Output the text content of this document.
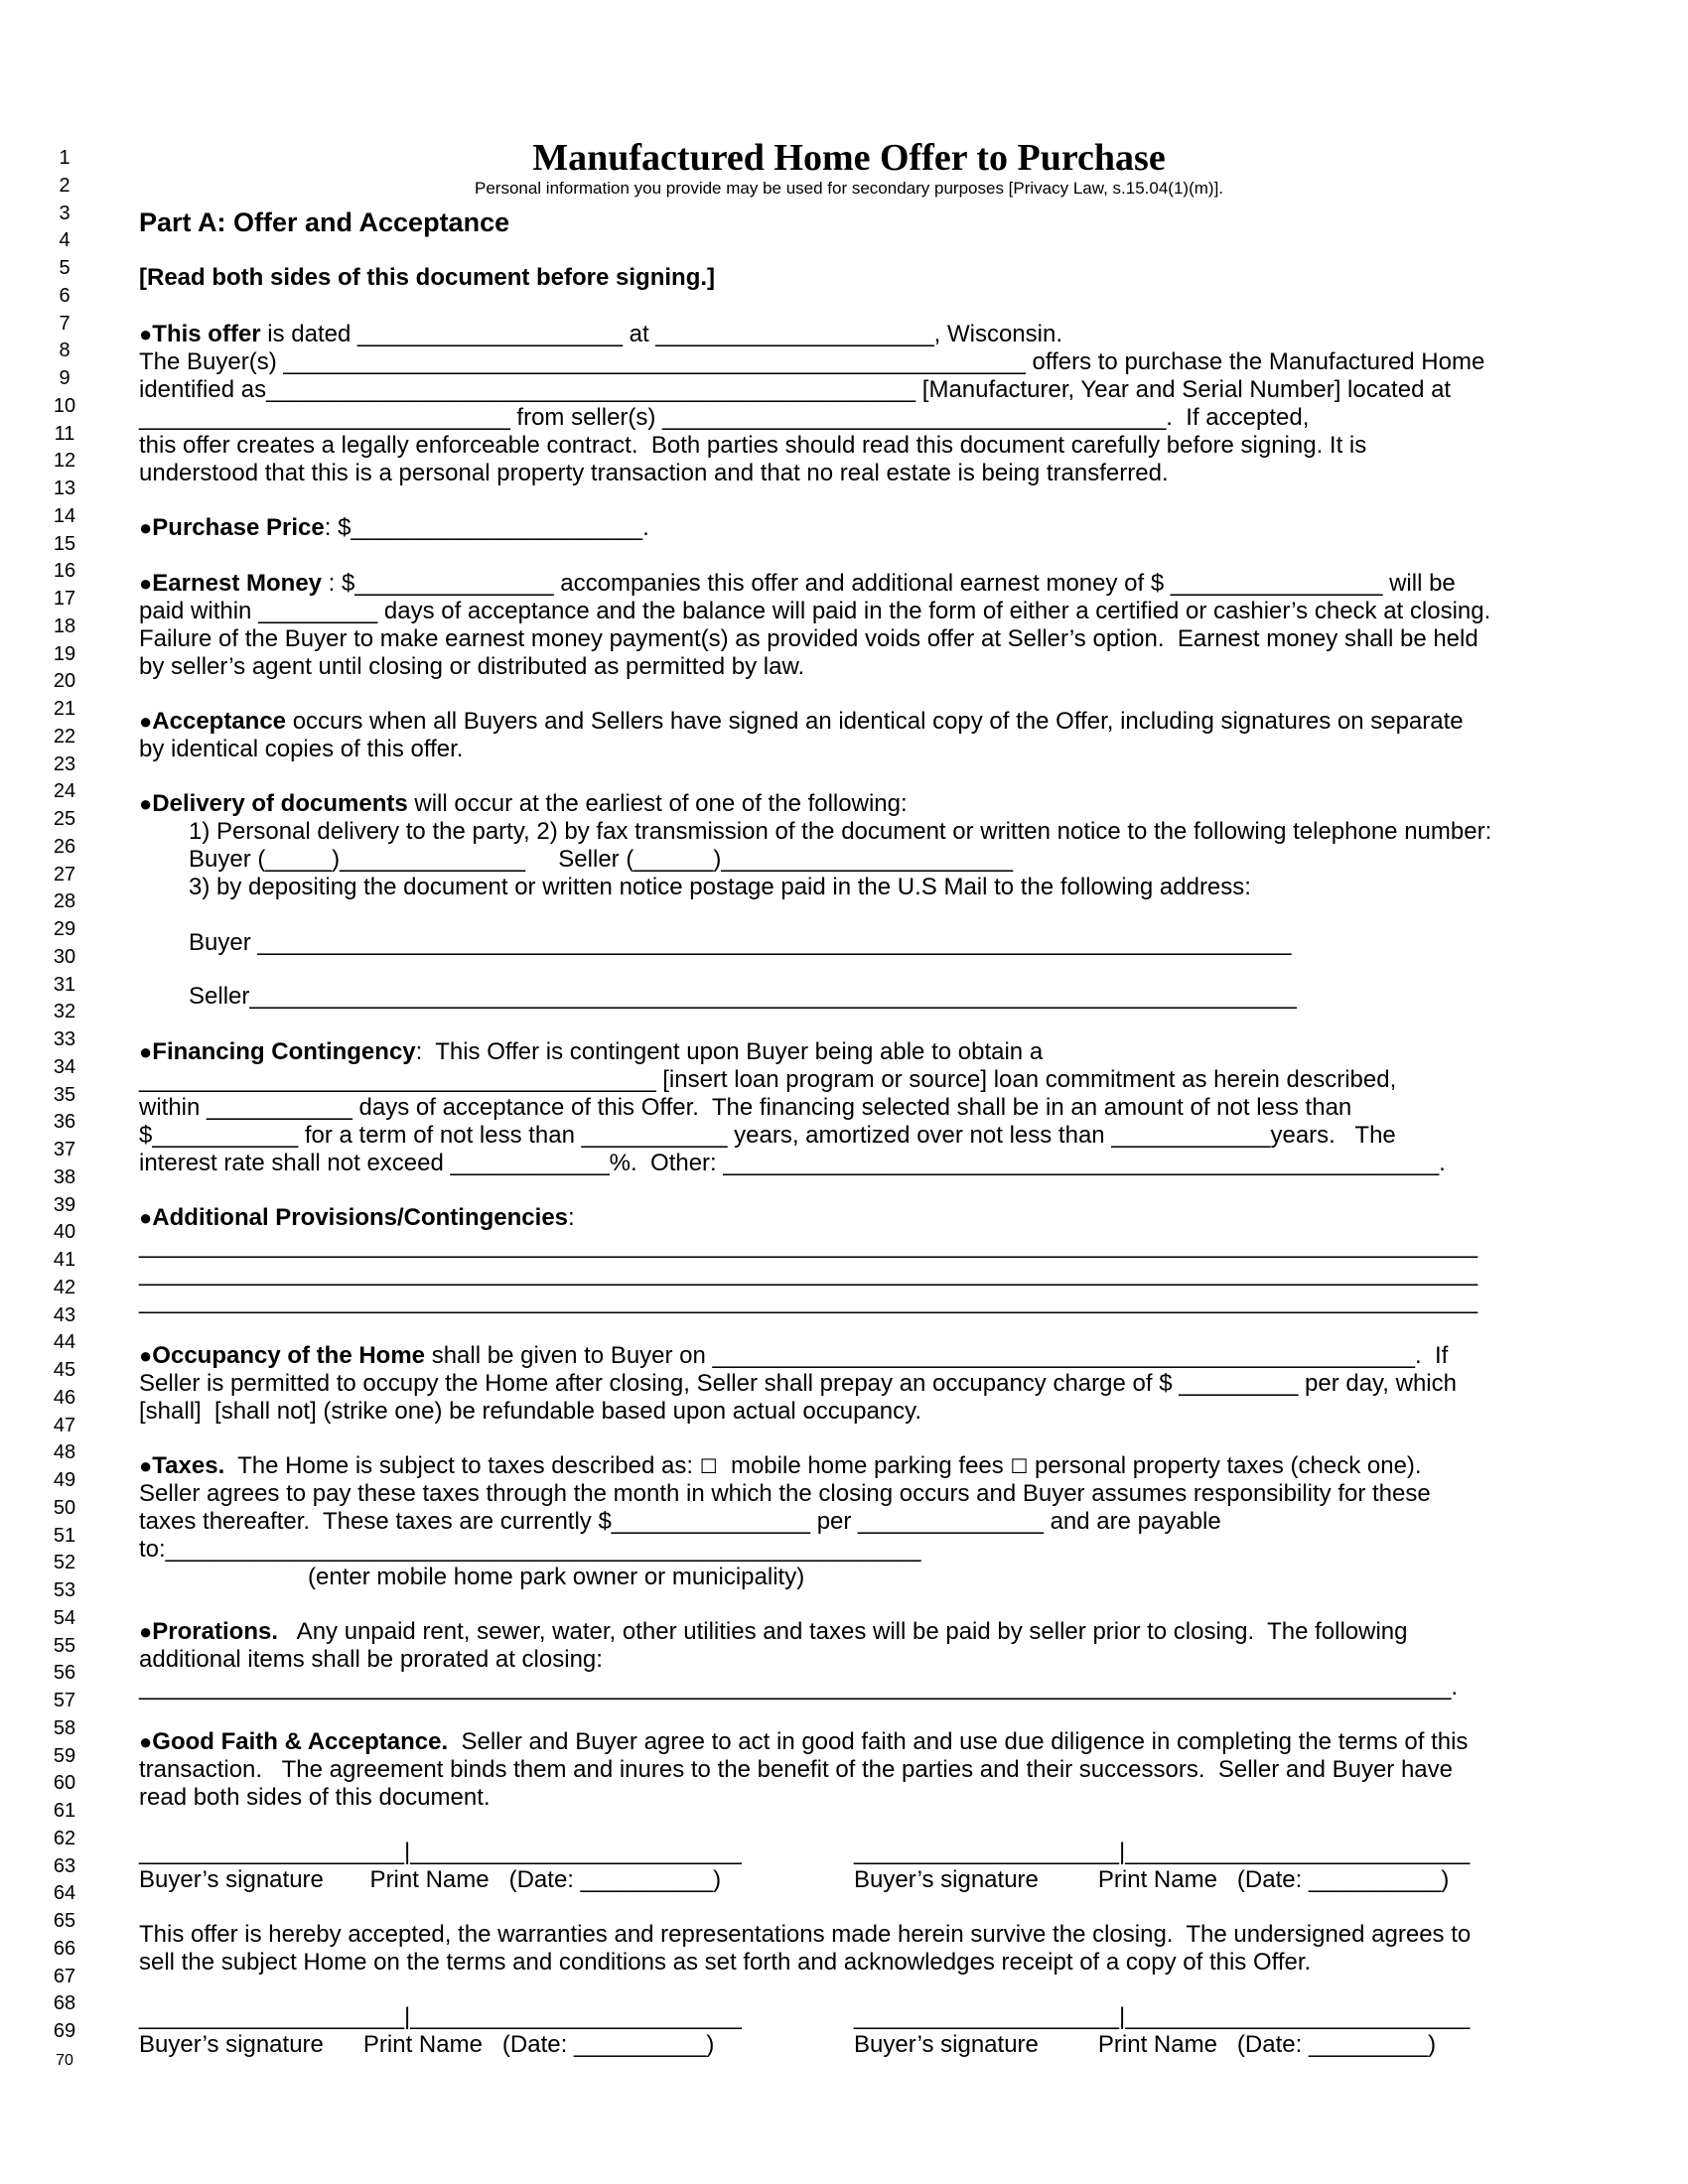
1
2
3
4
5
6
7
8
9
10
11
12
13
14
15
16
17
18
19
20
21
22
23
24
25
26
27
28
29
30
31
32
33
34
35
36
37
38
39
40
41
42
43
44
45
46
47
48
49
50
51
52
53
54
55
56
57
58
59
60
61
62
63
64
65
66
67
68
69
70
Manufactured Home Offer to Purchase
Personal information you provide may be used for secondary purposes [Privacy Law, s.15.04(1)(m)].
Part A: Offer and Acceptance
[Read both sides of this document before signing.]
●This offer is dated ____________________ at _____________________, Wisconsin.
The Buyer(s) ________________________________________________________ offers to purchase the Manufactured Home
identified as_________________________________________________ [Manufacturer, Year and Serial Number] located at
____________________________ from seller(s) ______________________________________.  If accepted,
this offer creates a legally enforceable contract.  Both parties should read this document carefully before signing. It is
understood that this is a personal property transaction and that no real estate is being transferred.
●Purchase Price: $______________________.
●Earnest Money : $_______________ accompanies this offer and additional earnest money of $ ________________ will be
paid within _________ days of acceptance and the balance will paid in the form of either a certified or cashier’s check at closing.
Failure of the Buyer to make earnest money payment(s) as provided voids offer at Seller’s option.  Earnest money shall be held
by seller’s agent until closing or distributed as permitted by law.
●Acceptance occurs when all Buyers and Sellers have signed an identical copy of the Offer, including signatures on separate
by identical copies of this offer.
●Delivery of documents will occur at the earliest of one of the following:
1) Personal delivery to the party, 2) by fax transmission of the document or written notice to the following telephone number:
Buyer (_____)______________     Seller (______)______________________
3) by depositing the document or written notice postage paid in the U.S Mail to the following address:
Buyer ______________________________________________________________________________
Seller_______________________________________________________________________________
●Financing Contingency:  This Offer is contingent upon Buyer being able to obtain a
_______________________________________ [insert loan program or source] loan commitment as herein described,
within ___________ days of acceptance of this Offer.  The financing selected shall be in an amount of not less than
$___________ for a term of not less than ___________ years, amortized over not less than ____________years.   The
interest rate shall not exceed ____________%.  Other: ______________________________________________________.
●Additional Provisions/Contingencies:
_____________________________________________________________________________________________________
_____________________________________________________________________________________________________
_____________________________________________________________________________________________________
●Occupancy of the Home shall be given to Buyer on _____________________________________________________.  If
Seller is permitted to occupy the Home after closing, Seller shall prepay an occupancy charge of $ _________ per day, which
[shall]  [shall not] (strike one) be refundable based upon actual occupancy.
●Taxes.  The Home is subject to taxes described as: ☐  mobile home parking fees ☐ personal property taxes (check one).
Seller agrees to pay these taxes through the month in which the closing occurs and Buyer assumes responsibility for these
taxes thereafter.  These taxes are currently $_______________ per ______________ and are payable
to:_________________________________________________________
(enter mobile home park owner or municipality)
●Prorations.   Any unpaid rent, sewer, water, other utilities and taxes will be paid by seller prior to closing.  The following
additional items shall be prorated at closing:
___________________________________________________________________________________________________.
●Good Faith & Acceptance.  Seller and Buyer agree to act in good faith and use due diligence in completing the terms of this
transaction.   The agreement binds them and inures to the benefit of the parties and their successors.  Seller and Buyer have
read both sides of this document.
____________________|_________________________	____________________|__________________________
Buyer’s signature       Print Name   (Date: __________)	Buyer’s signature         Print Name   (Date: __________)
This offer is hereby accepted, the warranties and representations made herein survive the closing.  The undersigned agrees to
sell the subject Home on the terms and conditions as set forth and acknowledges receipt of a copy of this Offer.
____________________|_________________________	____________________|__________________________
Buyer’s signature      Print Name   (Date: __________)	Buyer’s signature         Print Name   (Date: _________)
